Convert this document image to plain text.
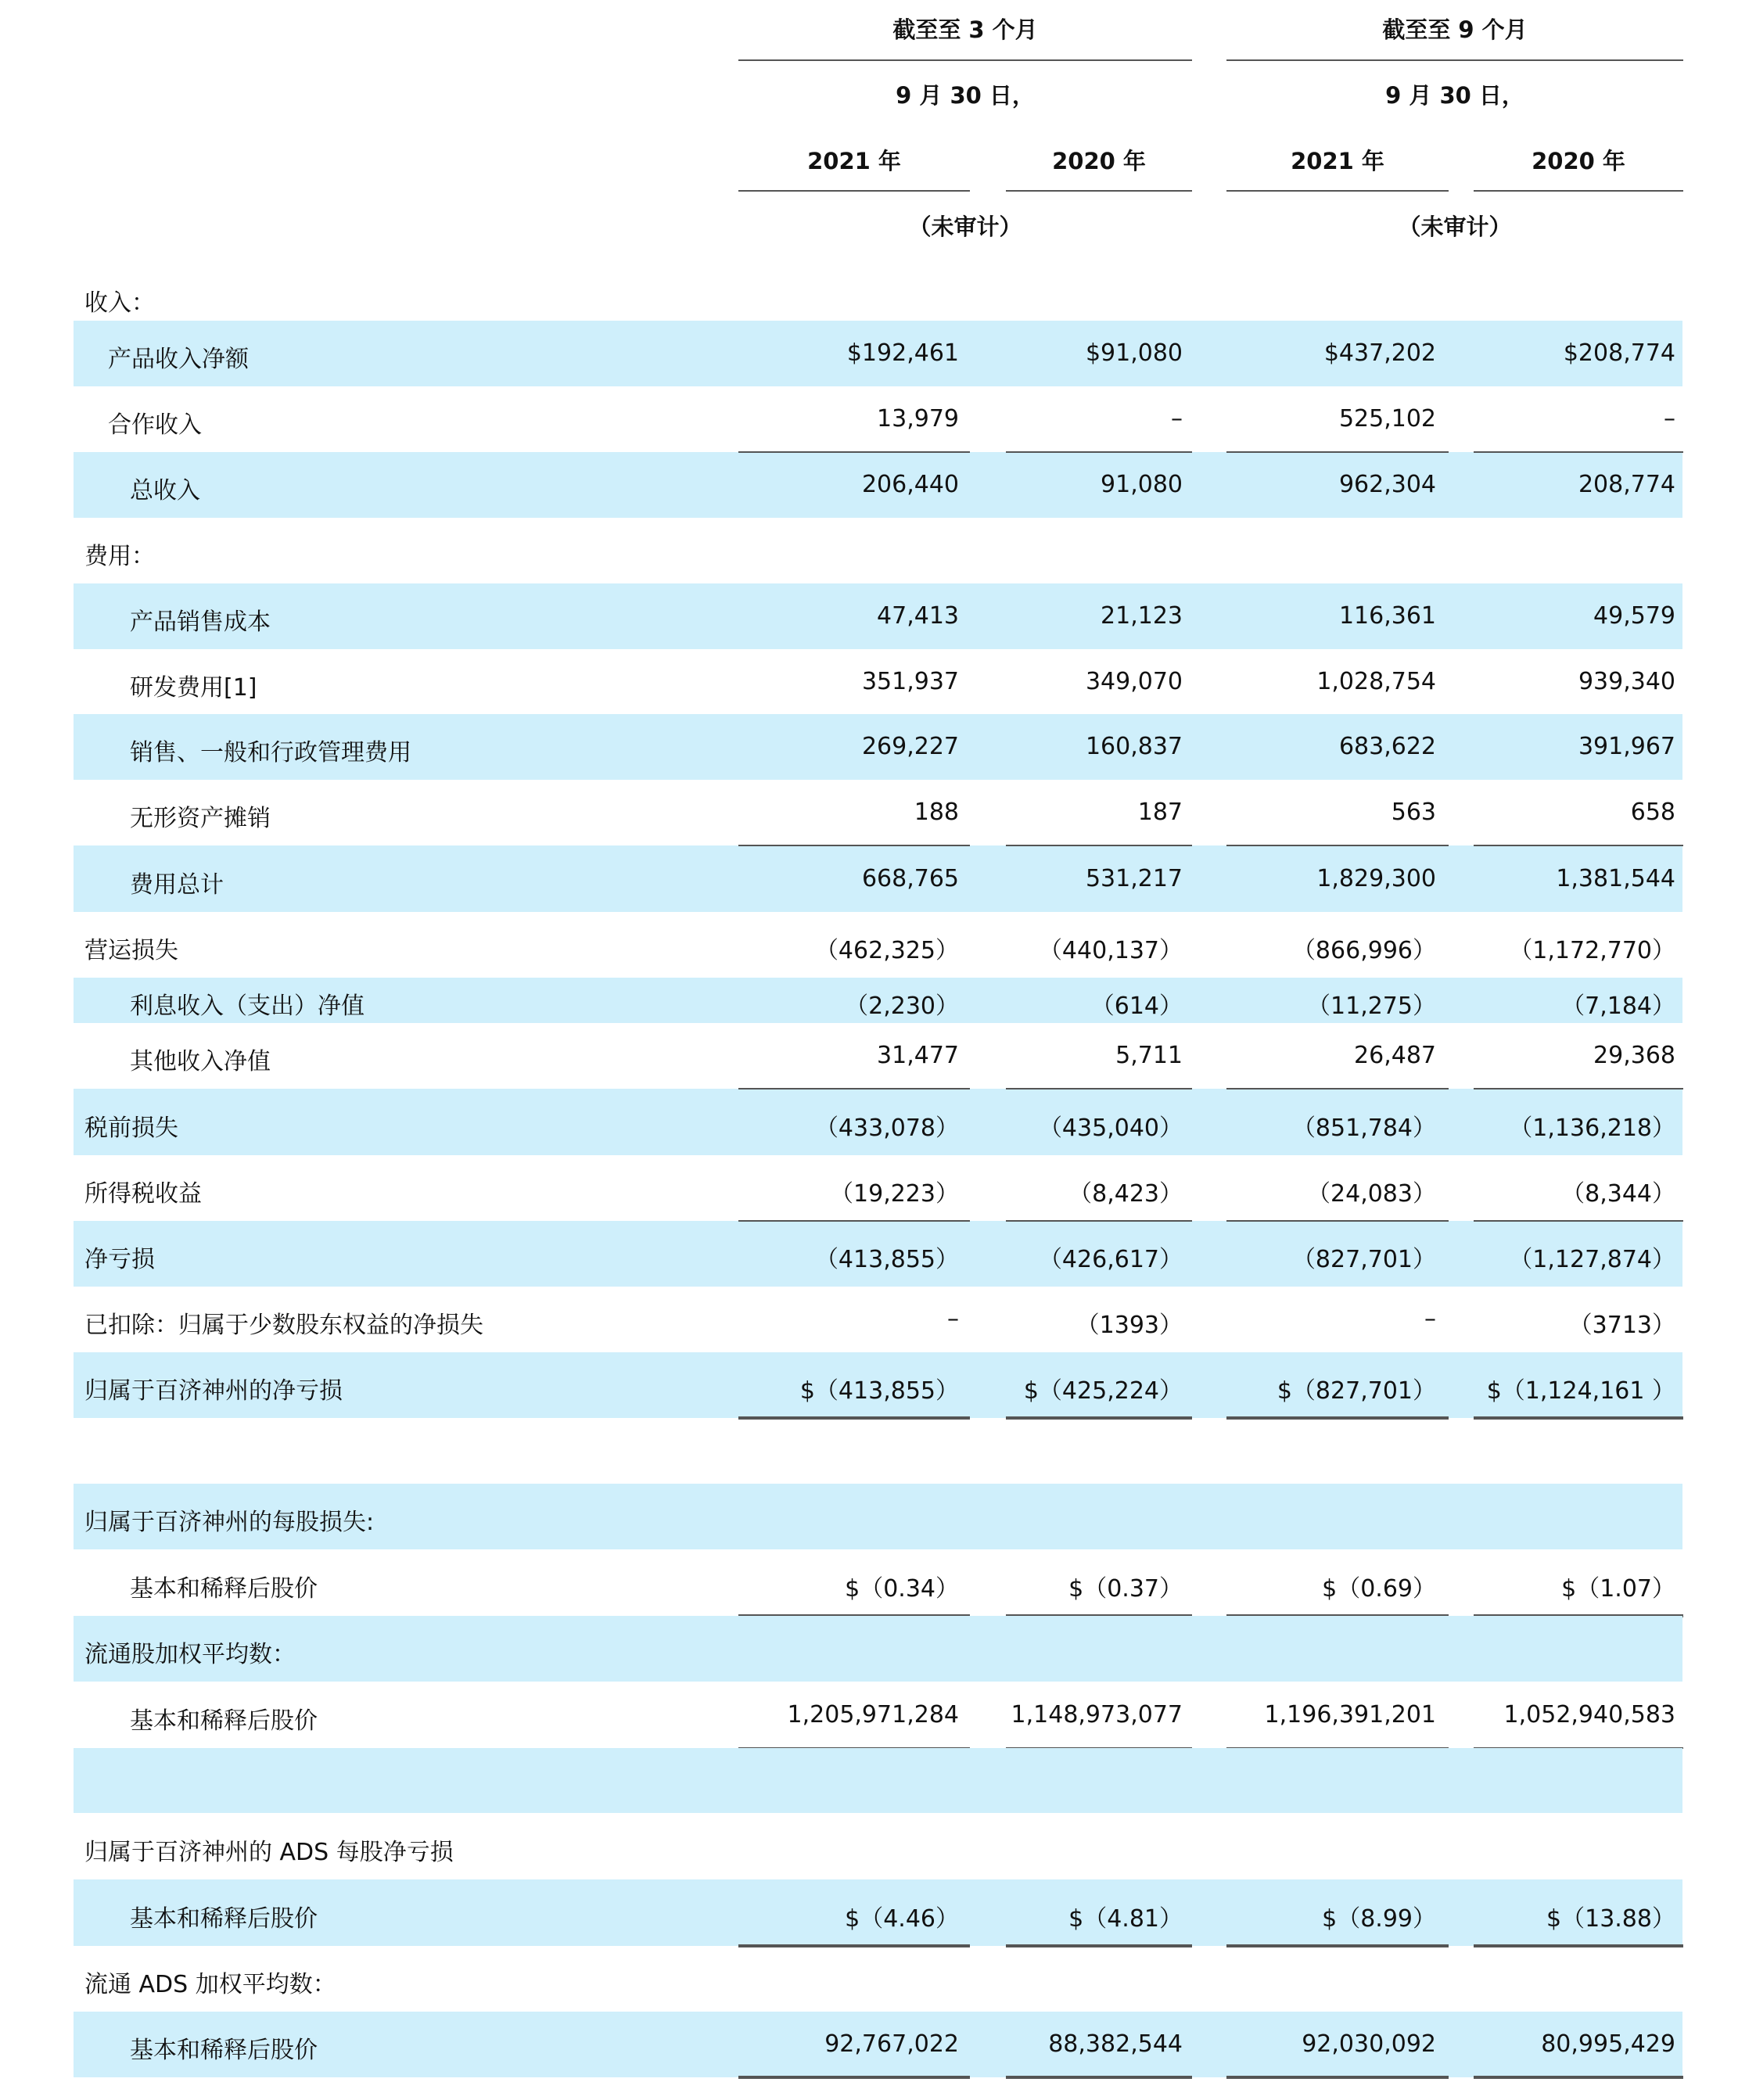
截至至 3 个月	截至至 9 个月
9 月 30 日，	9 月 30 日，
2021 年	2020 年	2021 年	2020 年
（未审计）	（未审计）
收入：
产品收入净额	$192,461	$91,080	$437,202	$208,774
合作收入	13,979	–	525,102	–
总收入	206,440	91,080	962,304	208,774
费用：
产品销售成本	47,413	21,123	116,361	49,579
研发费用[1]	351,937	349,070	1,028,754	939,340
销售、一般和行政管理费用	269,227	160,837	683,622	391,967
无形资产摊销	188	187	563	658
费用总计	668,765	531,217	1,829,300	1,381,544
营运损失	（462,325）	（440,137）	（866,996）	（1,172,770）
利息收入（支出）净值	（2,230）	（614）	（11,275）	（7,184）
其他收入净值	31,477	5,711	26,487	29,368
税前损失	（433,078）	（435,040）	（851,784）	（1,136,218）
所得税收益	（19,223）	（8,423）	（24,083）	（8,344）
净亏损	（413,855）	（426,617）	（827,701）	（1,127,874）
已扣除：归属于少数股东权益的净损失	–	（1393）	–	（3713）
归属于百济神州的净亏损	$（413,855）	$（425,224）	$（827,701） $（1,124,161 ）
归属于百济神州的每股损失:
基本和稀释后股价	$（0.34）	$（0.37）	$（0.69）	$（1.07）
流通股加权平均数：
基本和稀释后股价	1,205,971,284 1,148,973,077	1,196,391,201	1,052,940,583
归属于百济神州的 ADS 每股净亏损
基本和稀释后股价	$（4.46）	$（4.81）	$（8.99）	$（13.88）
流通 ADS 加权平均数：
基本和稀释后股价	92,767,022	88,382,544	92,030,092	80,995,429
